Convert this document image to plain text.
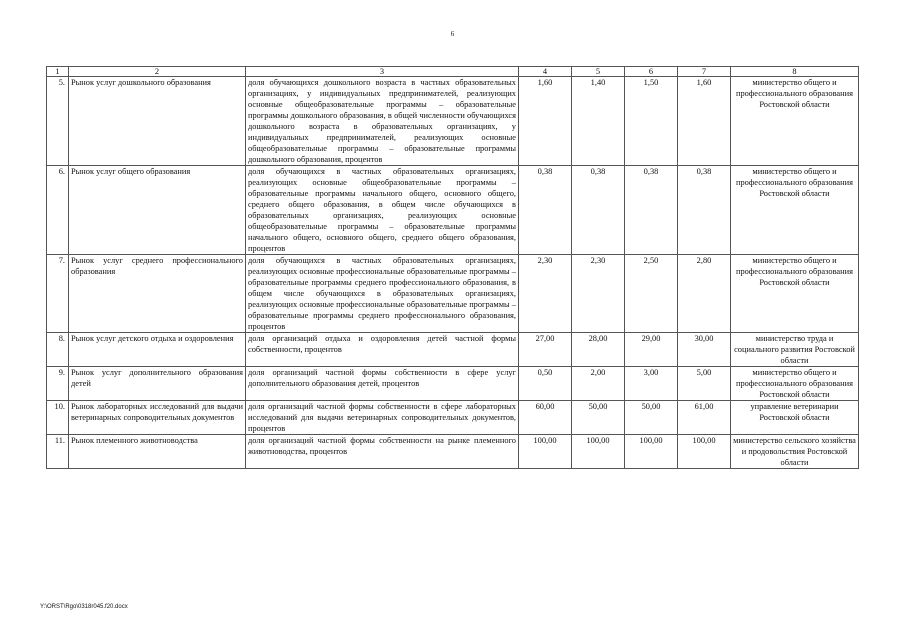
6
1	2	3	4	5	6	7	8
5.	Рынок услуг дошкольного образования	доля обучающихся дошкольного возраста в частных образовательных организациях, у индивидуальных предпринимателей, реализующих основные общеобразовательные программы – образовательные программы дошкольного образования, в общей численности обучающихся дошкольного возраста в образовательных организациях, у индивидуальных предпринимателей, реализующих основные общеобразовательные программы – образовательные программы дошкольного образования, процентов	1,60	1,40	1,50	1,60	министерство общего и профессионального образования Ростовской области
6.	Рынок услуг общего образования	доля обучающихся в частных образовательных организациях, реализующих основные общеобразовательные программы – образовательные программы начального общего, основного общего, среднего общего образования, в общем числе обучающихся в образовательных организациях, реализующих основные общеобразовательные программы – образовательные программы начального общего, основного общего, среднего общего образования, процентов	0,38	0,38	0,38	0,38	министерство общего и профессионального образования Ростовской области
7.	Рынок услуг среднего профессионального образования	доля обучающихся в частных образовательных организациях, реализующих основные профессиональные образовательные программы – образовательные программы среднего профессионального образования, в общем числе обучающихся в образовательных организациях, реализующих основные профессиональные образовательные программы – образовательные программы среднего профессионального образования, процентов	2,30	2,30	2,50	2,80	министерство общего и профессионального образования Ростовской области
8.	Рынок услуг детского отдыха и оздоровления	доля организаций отдыха и оздоровления детей частной формы собственности, процентов	27,00	28,00	29,00	30,00	министерство труда и социального развития Ростовской области
9.	Рынок услуг дополнительного образования детей	доля организаций частной формы собственности в сфере услуг дополнительного образования детей, процентов	0,50	2,00	3,00	5,00	министерство общего и профессионального образования Ростовской области
10.	Рынок лабораторных исследований для выдачи ветеринарных сопроводительных документов	доля организаций частной формы собственности в сфере лабораторных исследований для выдачи ветеринарных сопроводительных документов, процентов	60,00	50,00	50,00	61,00	управление ветеринарии Ростовской области
11.	Рынок племенного животноводства	доля организаций частной формы собственности на рынке племенного животноводства, процентов	100,00	100,00	100,00	100,00	министерство сельского хозяйства и продовольствия Ростовской области
Y:\ORST\Rgo\0318r045.f20.docx
